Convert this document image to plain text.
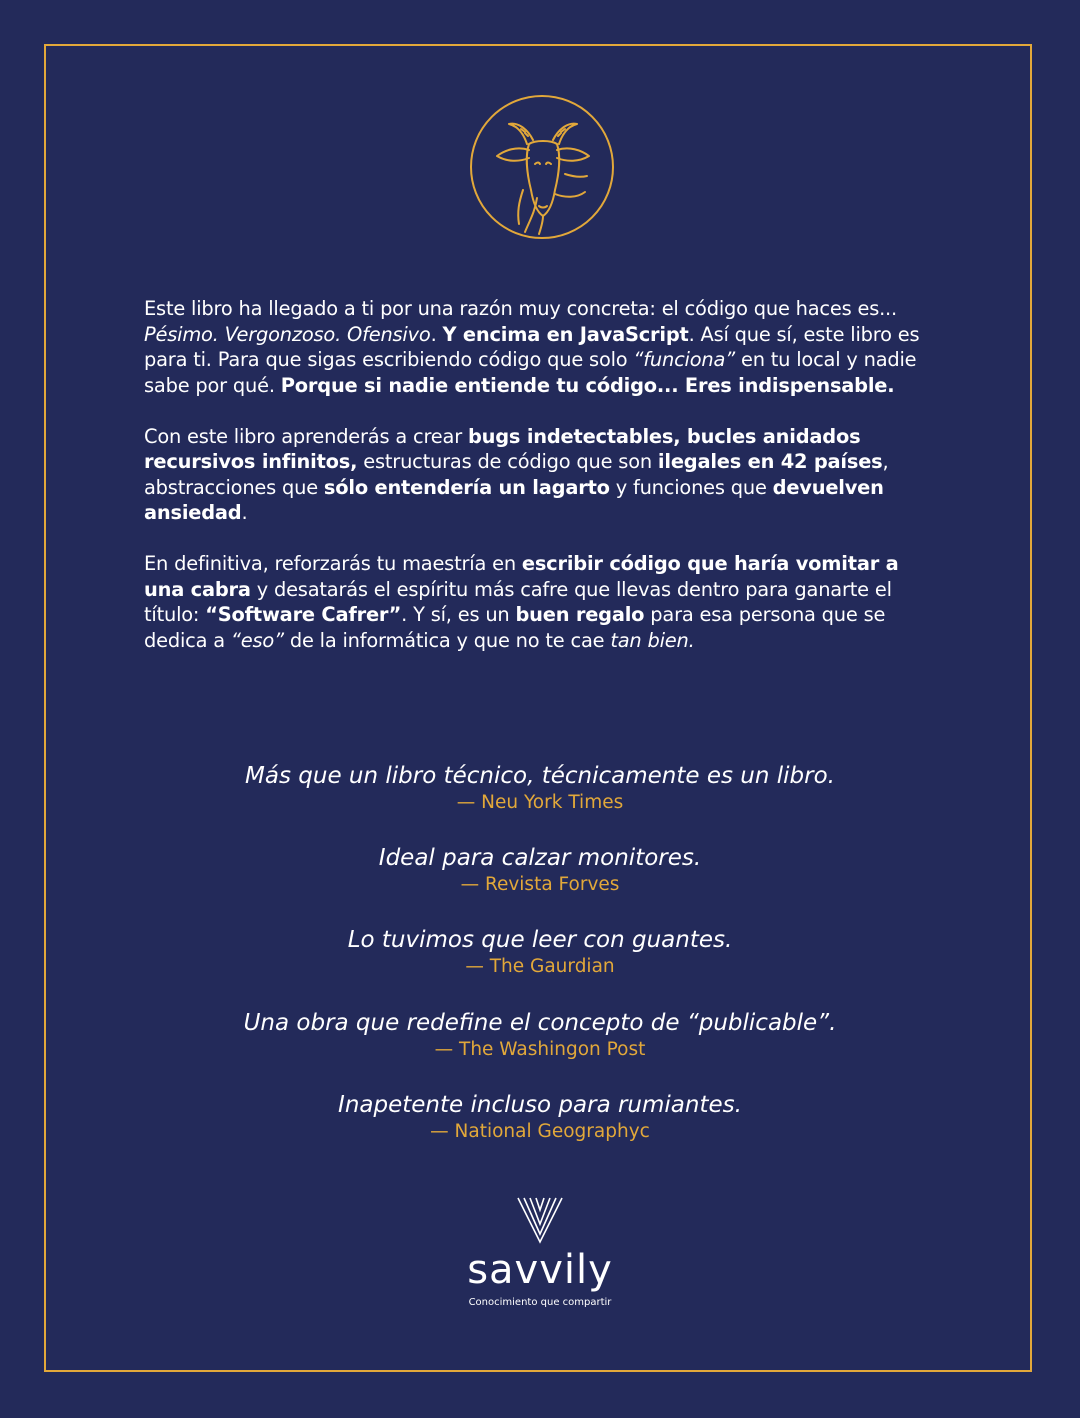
Este libro ha llegado a ti por una razón muy concreta: el código que haces es... Pésimo. Vergonzoso. Ofensivo. Y encima en JavaScript. Así que sí, este libro es para ti. Para que sigas escribiendo código que solo “funciona” en tu local y nadie sabe por qué. Porque si nadie entiende tu código... Eres indispensable.

Con este libro aprenderás a crear bugs indetectables, bucles anidados recursivos infinitos, estructuras de código que son ilegales en 42 países, abstracciones que sólo entendería un lagarto y funciones que devuelven ansiedad.

En definitiva, reforzarás tu maestría en escribir código que haría vomitar a una cabra y desatarás el espíritu más cafre que llevas dentro para ganarte el título: “Software Cafrer”. Y sí, es un buen regalo para esa persona que se dedica a “eso” de la informática y que no te cae tan bien.

Más que un libro técnico, técnicamente es un libro.
— Neu York Times
Ideal para calzar monitores.
— Revista Forves
Lo tuvimos que leer con guantes.
— The Gaurdian
Una obra que redefine el concepto de “publicable”.
— The Washingon Post
Inapetente incluso para rumiantes.
— National Geographyc
savvily
Conocimiento que compartir
